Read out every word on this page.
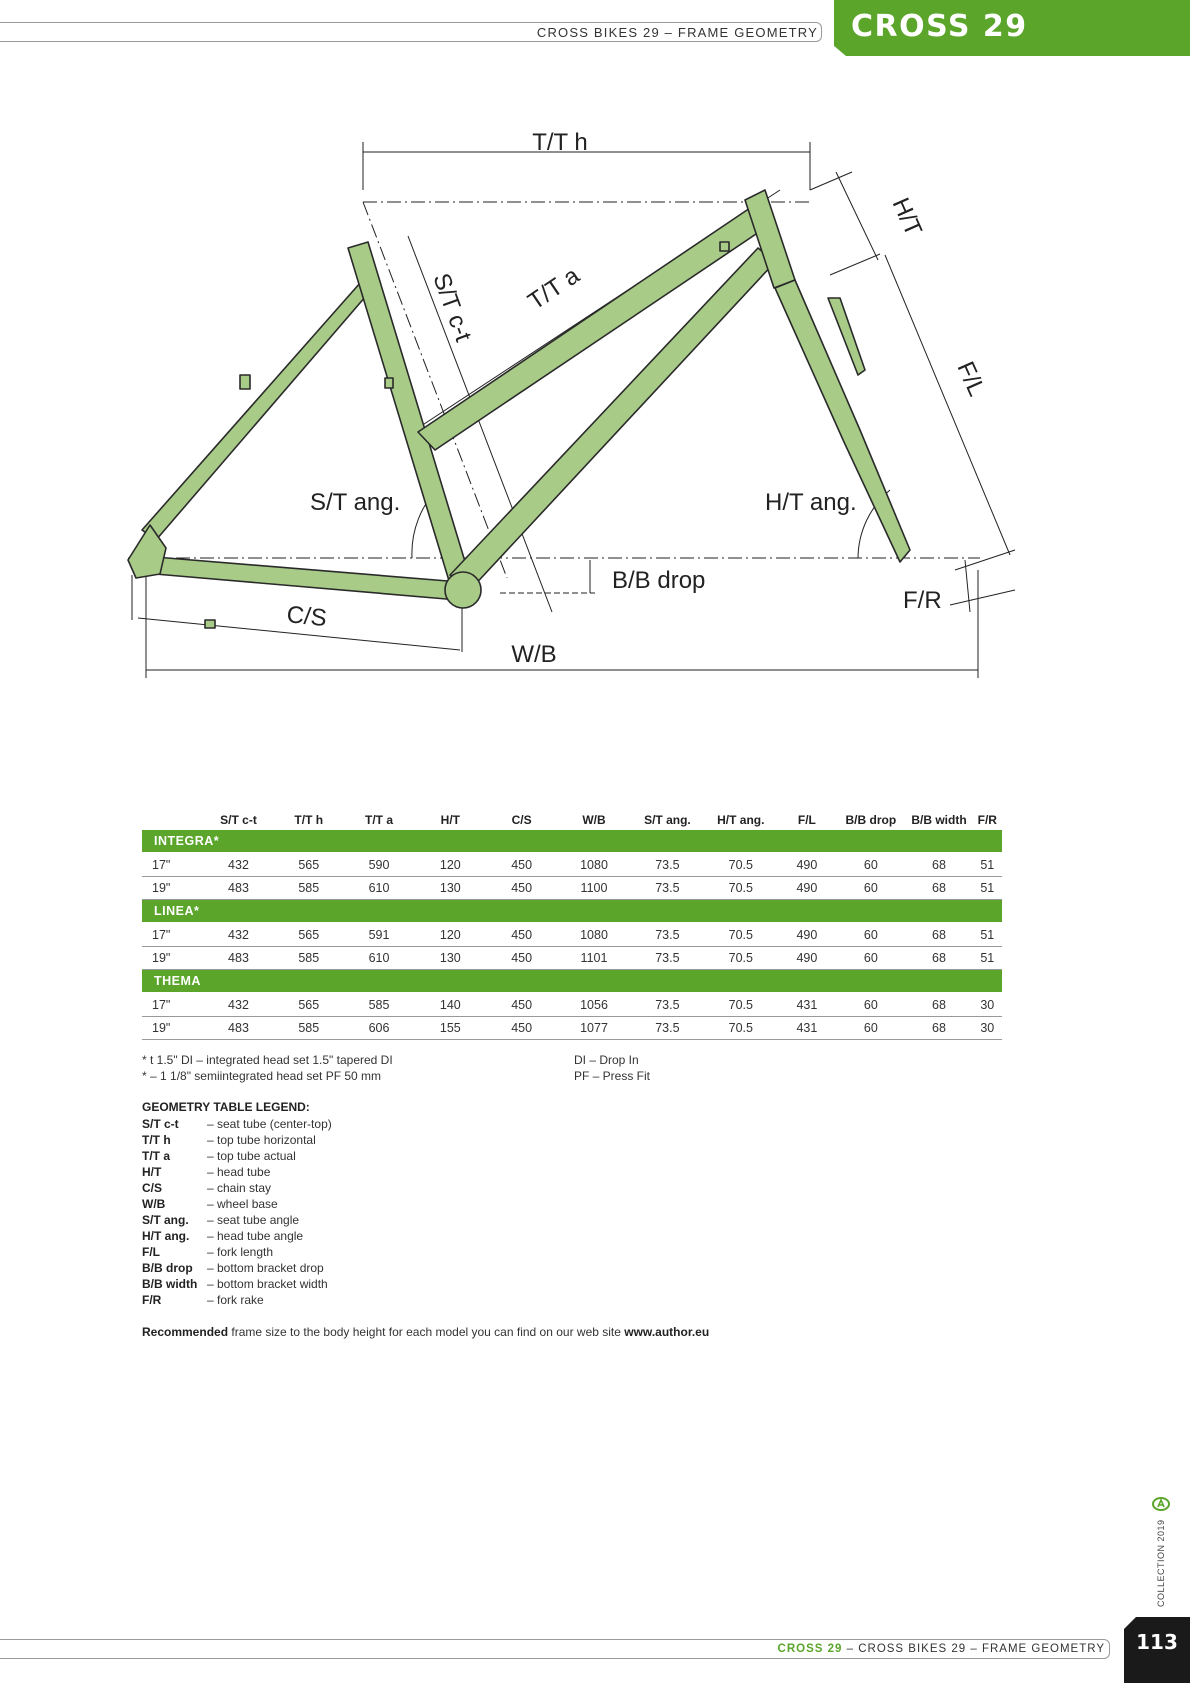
CROSS BIKES 29 – FRAME GEOMETRY CROSS 29
T/T h
T/T a
S/T c-t
H/T
F/L
S/T ang.	H/T ang.
B/B drop
F/R
C/S
W/B
	S/T c-t	T/T h	T/T a	H/T	C/S	W/B	S/T ang.	H/T ang.	F/L	B/B drop	B/B width	F/R
INTEGRA*												
17"	432	565	590	120	450	1080	73.5	70.5	490	60	68	51
19"	483	585	610	130	450	1100	73.5	70.5	490	60	68	51
LINEA*												
17"	432	565	591	120	450	1080	73.5	70.5	490	60	68	51
19"	483	585	610	130	450	1101	73.5	70.5	490	60	68	51
THEMA												
17"	432	565	585	140	450	1056	73.5	70.5	431	60	68	30
19"	483	585	606	155	450	1077	73.5	70.5	431	60	68	30
* t 1.5" DI – integrated head set 1.5" tapered DI
* – 1 1/8" semiintegrated head set PF 50 mm
DI – Drop In
PF – Press Fit
GEOMETRY TABLE LEGEND:
S/T c-t	– seat tube (center-top)
T/T h	– top tube horizontal
T/T a	– top tube actual
H/T	– head tube
C/S	– chain stay
W/B	– wheel base
S/T ang.	– seat tube angle
H/T ang.	– head tube angle
F/L	– fork length
B/B drop	– bottom bracket drop
B/B width – bottom bracket width
F/R	– fork rake
Recommended frame size to the body height for each model you can find on our web site www.author.eu
COLLECTION 2019
CROSS 29 – CROSS BIKES 29 – FRAME GEOMETRY	113
